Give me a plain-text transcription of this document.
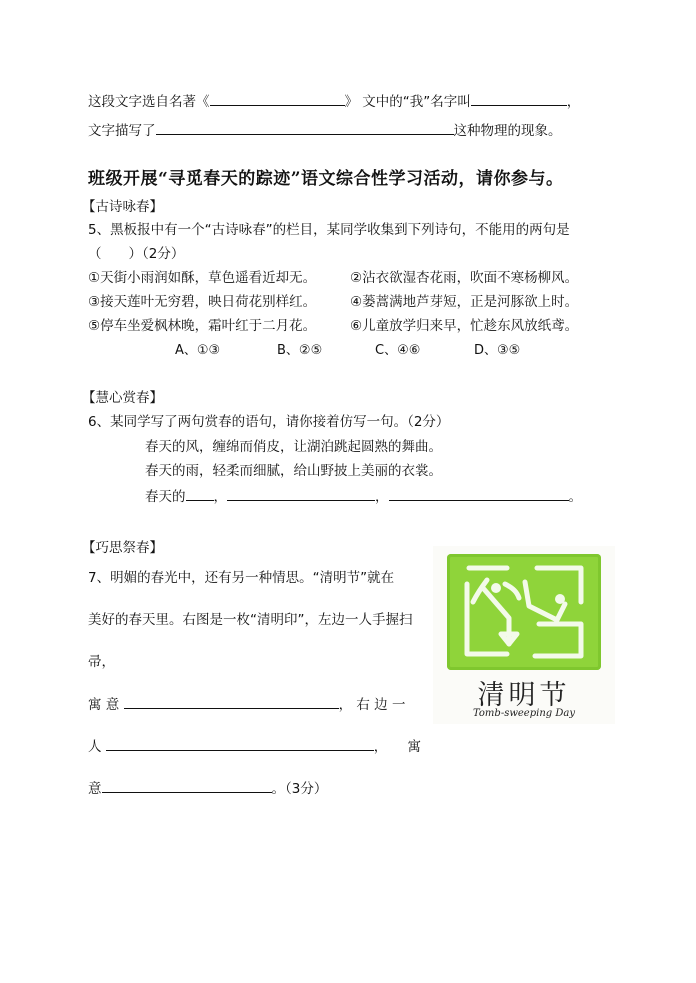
这段文字选自名著《	》 文中的“我”名字叫	，
文字描写了	这种物理的现象。
班级开展“寻觅春天的踪迹”语文综合性学习活动，请你参与。
【古诗咏春】
5、黑板报中有一个“古诗咏春”的栏目，某同学收集到下列诗句，不能用的两句是
（　　）（2分）
①天街小雨润如酥，草色遥看近却无。	②沾衣欲湿杏花雨，吹面不寒杨柳风。
③接天莲叶无穷碧，映日荷花别样红。	④蒌蒿满地芦芽短，正是河豚欲上时。
⑤停车坐爱枫林晚，霜叶红于二月花。	⑥儿童放学归来早，忙趁东风放纸鸢。
A、①③	B、②⑤	C、④⑥	D、③⑤
【慧心赏春】
6、某同学写了两句赏春的语句，请你接着仿写一句。（2分）
春天的风，缠绵而俏皮，让湖泊跳起圆熟的舞曲。
春天的雨，轻柔而细腻，给山野披上美丽的衣裳。
春天的 ，	，	。
【巧思祭春】
7、明媚的春光中，还有另一种情思。“清明节”就在
美好的春天里。右图是一枚“清明印”，左边一人手握扫
帚，
寓 意	， 右 边 一
人	，　　寓
意	。（3分）
清明节
Tomb-sweeping Day
